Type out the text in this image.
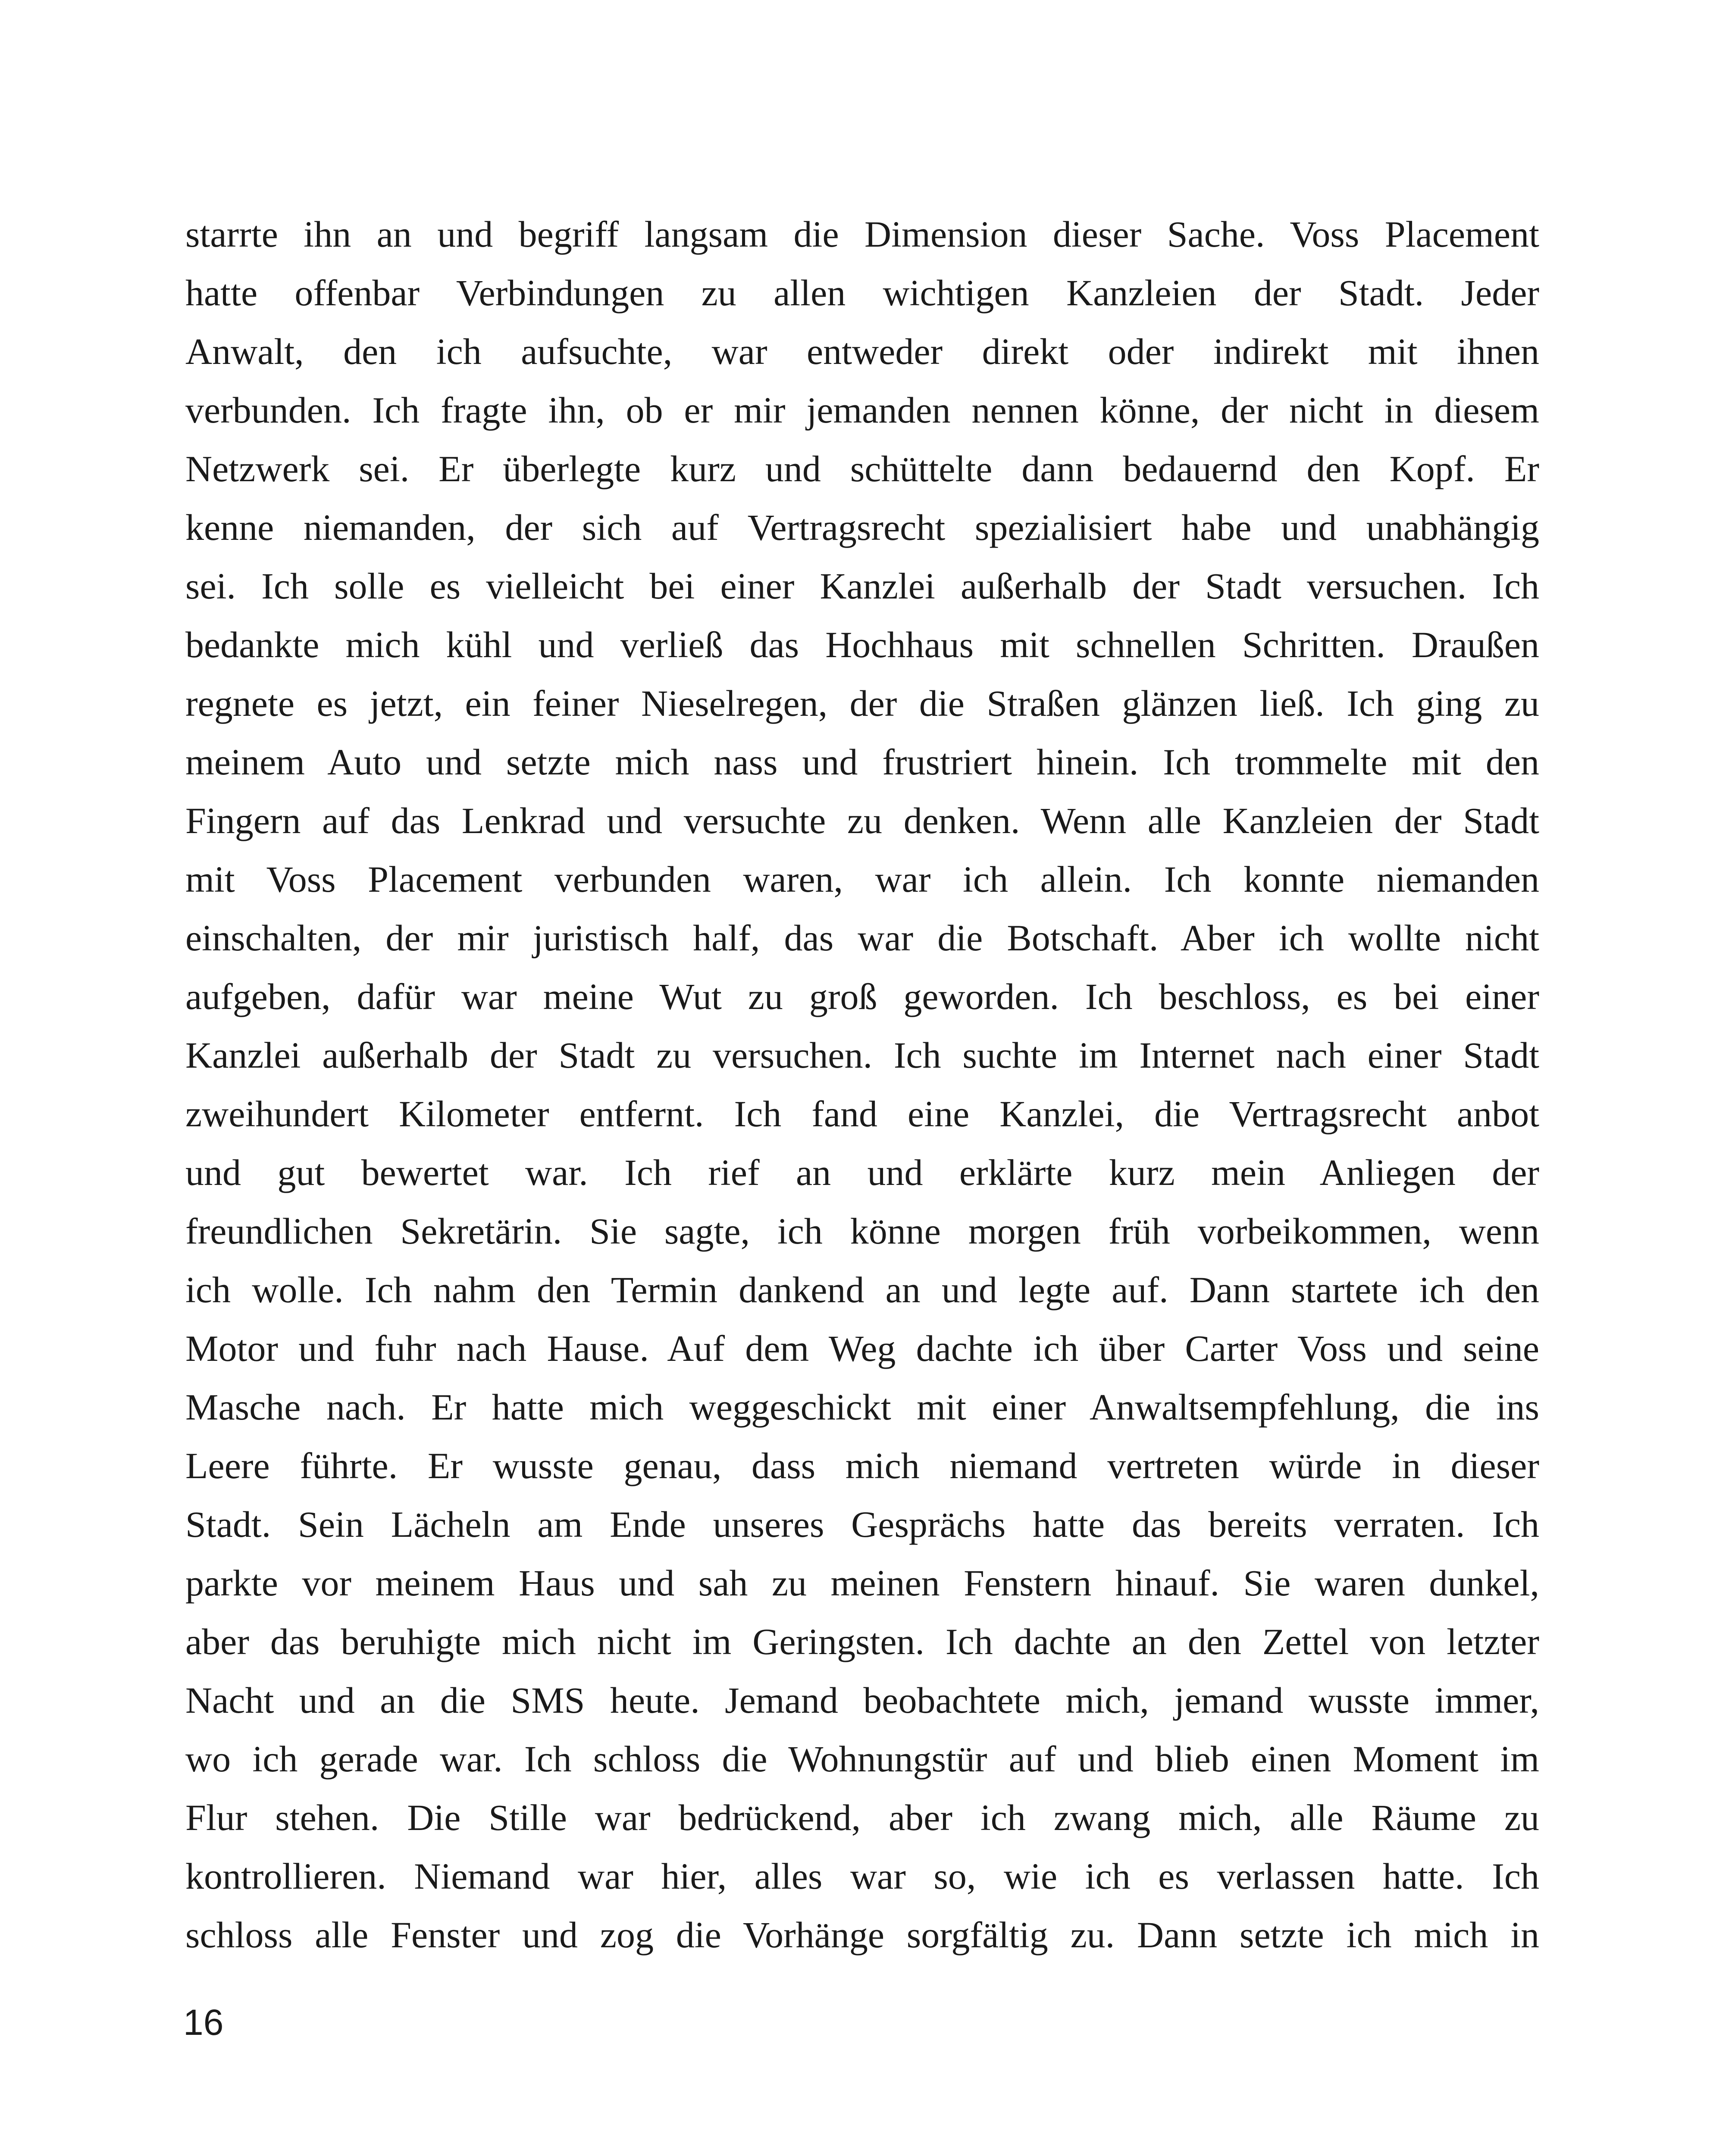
starrte ihn an und begriff langsam die Dimension dieser Sache. Voss Placement
hatte offenbar Verbindungen zu allen wichtigen Kanzleien der Stadt. Jeder
Anwalt, den ich aufsuchte, war entweder direkt oder indirekt mit ihnen
verbunden. Ich fragte ihn, ob er mir jemanden nennen könne, der nicht in diesem
Netzwerk sei. Er überlegte kurz und schüttelte dann bedauernd den Kopf. Er
kenne niemanden, der sich auf Vertragsrecht spezialisiert habe und unabhängig
sei. Ich solle es vielleicht bei einer Kanzlei außerhalb der Stadt versuchen. Ich
bedankte mich kühl und verließ das Hochhaus mit schnellen Schritten. Draußen
regnete es jetzt, ein feiner Nieselregen, der die Straßen glänzen ließ. Ich ging zu
meinem Auto und setzte mich nass und frustriert hinein. Ich trommelte mit den
Fingern auf das Lenkrad und versuchte zu denken. Wenn alle Kanzleien der Stadt
mit Voss Placement verbunden waren, war ich allein. Ich konnte niemanden
einschalten, der mir juristisch half, das war die Botschaft. Aber ich wollte nicht
aufgeben, dafür war meine Wut zu groß geworden. Ich beschloss, es bei einer
Kanzlei außerhalb der Stadt zu versuchen. Ich suchte im Internet nach einer Stadt
zweihundert Kilometer entfernt. Ich fand eine Kanzlei, die Vertragsrecht anbot
und gut bewertet war. Ich rief an und erklärte kurz mein Anliegen der
freundlichen Sekretärin. Sie sagte, ich könne morgen früh vorbeikommen, wenn
ich wolle. Ich nahm den Termin dankend an und legte auf. Dann startete ich den
Motor und fuhr nach Hause. Auf dem Weg dachte ich über Carter Voss und seine
Masche nach. Er hatte mich weggeschickt mit einer Anwaltsempfehlung, die ins
Leere führte. Er wusste genau, dass mich niemand vertreten würde in dieser
Stadt. Sein Lächeln am Ende unseres Gesprächs hatte das bereits verraten. Ich
parkte vor meinem Haus und sah zu meinen Fenstern hinauf. Sie waren dunkel,
aber das beruhigte mich nicht im Geringsten. Ich dachte an den Zettel von letzter
Nacht und an die SMS heute. Jemand beobachtete mich, jemand wusste immer,
wo ich gerade war. Ich schloss die Wohnungstür auf und blieb einen Moment im
Flur stehen. Die Stille war bedrückend, aber ich zwang mich, alle Räume zu
kontrollieren. Niemand war hier, alles war so, wie ich es verlassen hatte. Ich
schloss alle Fenster und zog die Vorhänge sorgfältig zu. Dann setzte ich mich in
16
